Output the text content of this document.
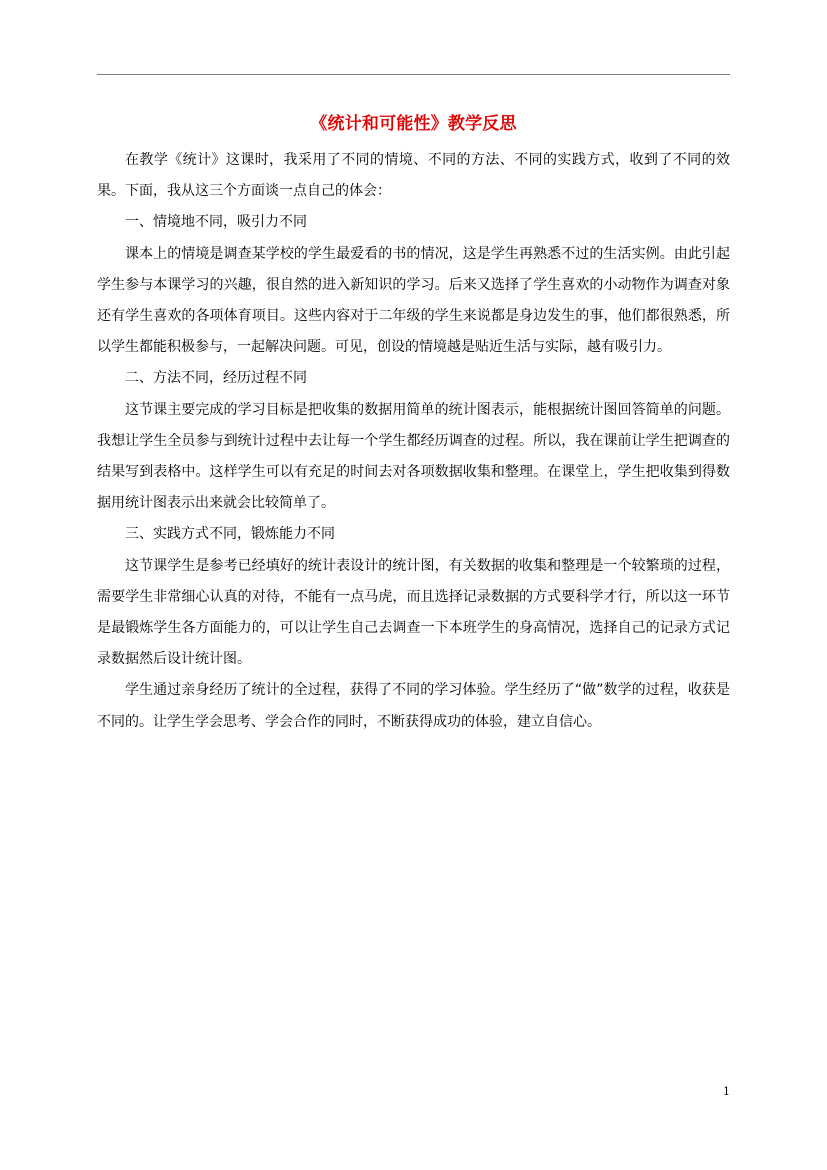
《统计和可能性》教学反思

在教学《统计》这课时，我采用了不同的情境、不同的方法、不同的实践方式，收到了不同的效果。下面，我从这三个方面谈一点自己的体会：

一、情境地不同，吸引力不同

课本上的情境是调查某学校的学生最爱看的书的情况，这是学生再熟悉不过的生活实例。由此引起学生参与本课学习的兴趣，很自然的进入新知识的学习。后来又选择了学生喜欢的小动物作为调查对象还有学生喜欢的各项体育项目。这些内容对于二年级的学生来说都是身边发生的事，他们都很熟悉，所以学生都能积极参与，一起解决问题。可见，创设的情境越是贴近生活与实际，越有吸引力。

二、方法不同，经历过程不同

这节课主要完成的学习目标是把收集的数据用简单的统计图表示，能根据统计图回答简单的问题。我想让学生全员参与到统计过程中去让每一个学生都经历调查的过程。所以，我在课前让学生把调查的结果写到表格中。这样学生可以有充足的时间去对各项数据收集和整理。在课堂上，学生把收集到得数据用统计图表示出来就会比较简单了。

三、实践方式不同，锻炼能力不同

这节课学生是参考已经填好的统计表设计的统计图，有关数据的收集和整理是一个较繁琐的过程，需要学生非常细心认真的对待，不能有一点马虎，而且选择记录数据的方式要科学才行，所以这一环节是最锻炼学生各方面能力的，可以让学生自己去调查一下本班学生的身高情况，选择自己的记录方式记录数据然后设计统计图。

学生通过亲身经历了统计的全过程，获得了不同的学习体验。学生经历了“做”数学的过程，收获是不同的。让学生学会思考、学会合作的同时，不断获得成功的体验，建立自信心。

1
